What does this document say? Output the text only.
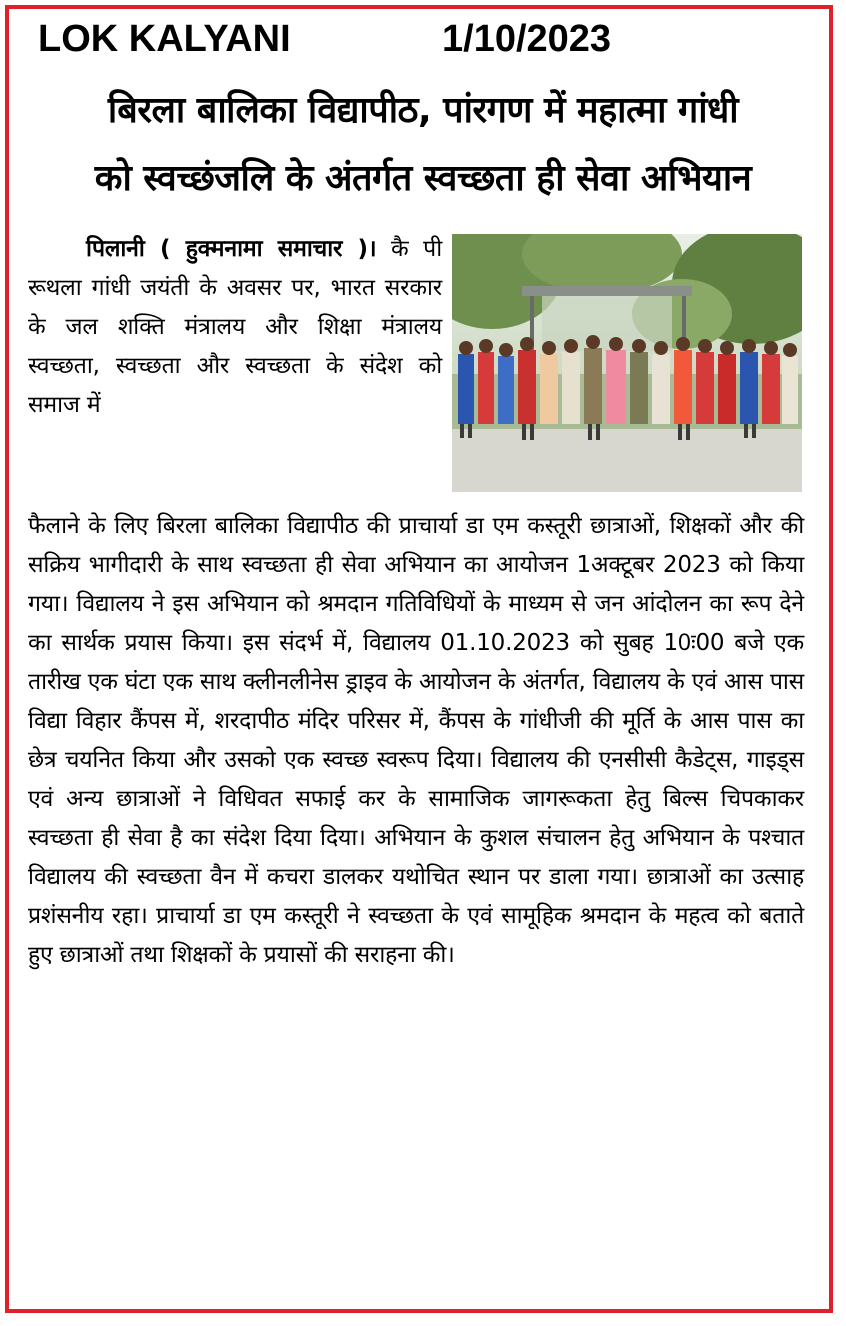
LOK KALYANI	1/10/2023
बिरला बालिका विद्यापीठ, पांरगण में महात्मा गांधी
को स्वच्छंजलि के अंतर्गत स्वच्छता ही सेवा अभियान
पिलानी ( हुक्मनामा समाचार )। कै पी रूथला गांधी जयंती के अवसर पर, भारत सरकार के जल शक्ति मंत्रालय और शिक्षा मंत्रालय स्वच्छता, स्वच्छता और स्वच्छता के संदेश को समाज में
फैलाने के लिए बिरला बालिका विद्यापीठ की प्राचार्या डा एम कस्तूरी छात्राओं, शिक्षकों और की सक्रिय भागीदारी के साथ स्वच्छता ही सेवा अभियान का आयोजन 1अक्टूबर 2023 को किया गया। विद्यालय ने इस अभियान को श्रमदान गतिविधियों के माध्यम से जन आंदोलन का रूप देने का सार्थक प्रयास किया। इस संदर्भ में, विद्यालय 01.10.2023 को सुबह 10ः00 बजे एक तारीख एक घंटा एक साथ क्लीनलीनेस ड्राइव के आयोजन के अंतर्गत, विद्यालय के एवं आस पास विद्या विहार कैंपस में, शरदापीठ मंदिर परिसर में, कैंपस के गांधीजी की मूर्ति के आस पास का छेत्र चयनित किया और उसको एक स्वच्छ स्वरूप दिया। विद्यालय की एनसीसी कैडेट्स, गाइड्स एवं अन्य छात्राओं ने विधिवत सफाई कर के सामाजिक जागरूकता हेतु बिल्स चिपकाकर स्वच्छता ही सेवा है का संदेश दिया दिया। अभियान के कुशल संचालन हेतु अभियान के पश्चात विद्यालय की स्वच्छता वैन में कचरा डालकर यथोचित स्थान पर डाला गया। छात्राओं का उत्साह प्रशंसनीय रहा। प्राचार्या डा एम कस्तूरी ने स्वच्छता के एवं सामूहिक श्रमदान के महत्व को बताते हुए छात्राओं तथा शिक्षकों के प्रयासों की सराहना की।
